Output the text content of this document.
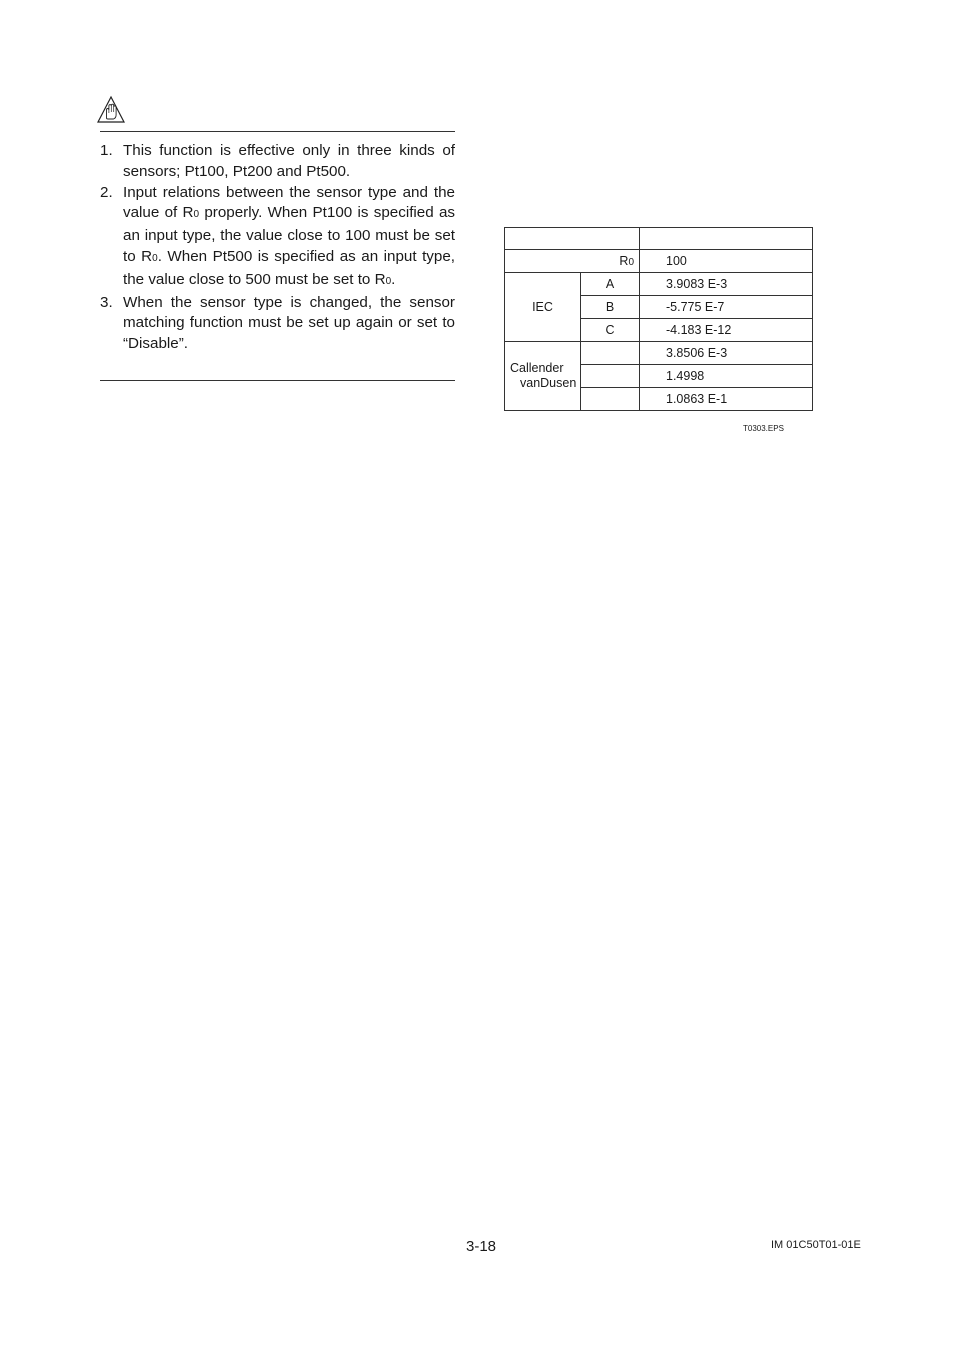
1. This function is effective only in three kinds of sensors; Pt100, Pt200 and Pt500.
2. Input relations between the sensor type and the value of R0 properly. When Pt100 is specified as an input type, the value close to 100 must be set to R0. When Pt500 is specified as an input type, the value close to 500 must be set to R0.
3. When the sensor type is changed, the sensor matching function must be set up again or set to “Disable”.

R0		100
IEC	A	3.9083 E-3
	B	-5.775 E-7
	C	-4.183 E-12

Callender
vanDusen		3.8506 E-3
		1.4998
		1.0863 E-1
T0303.EPS
3-18	IM 01C50T01-01E
